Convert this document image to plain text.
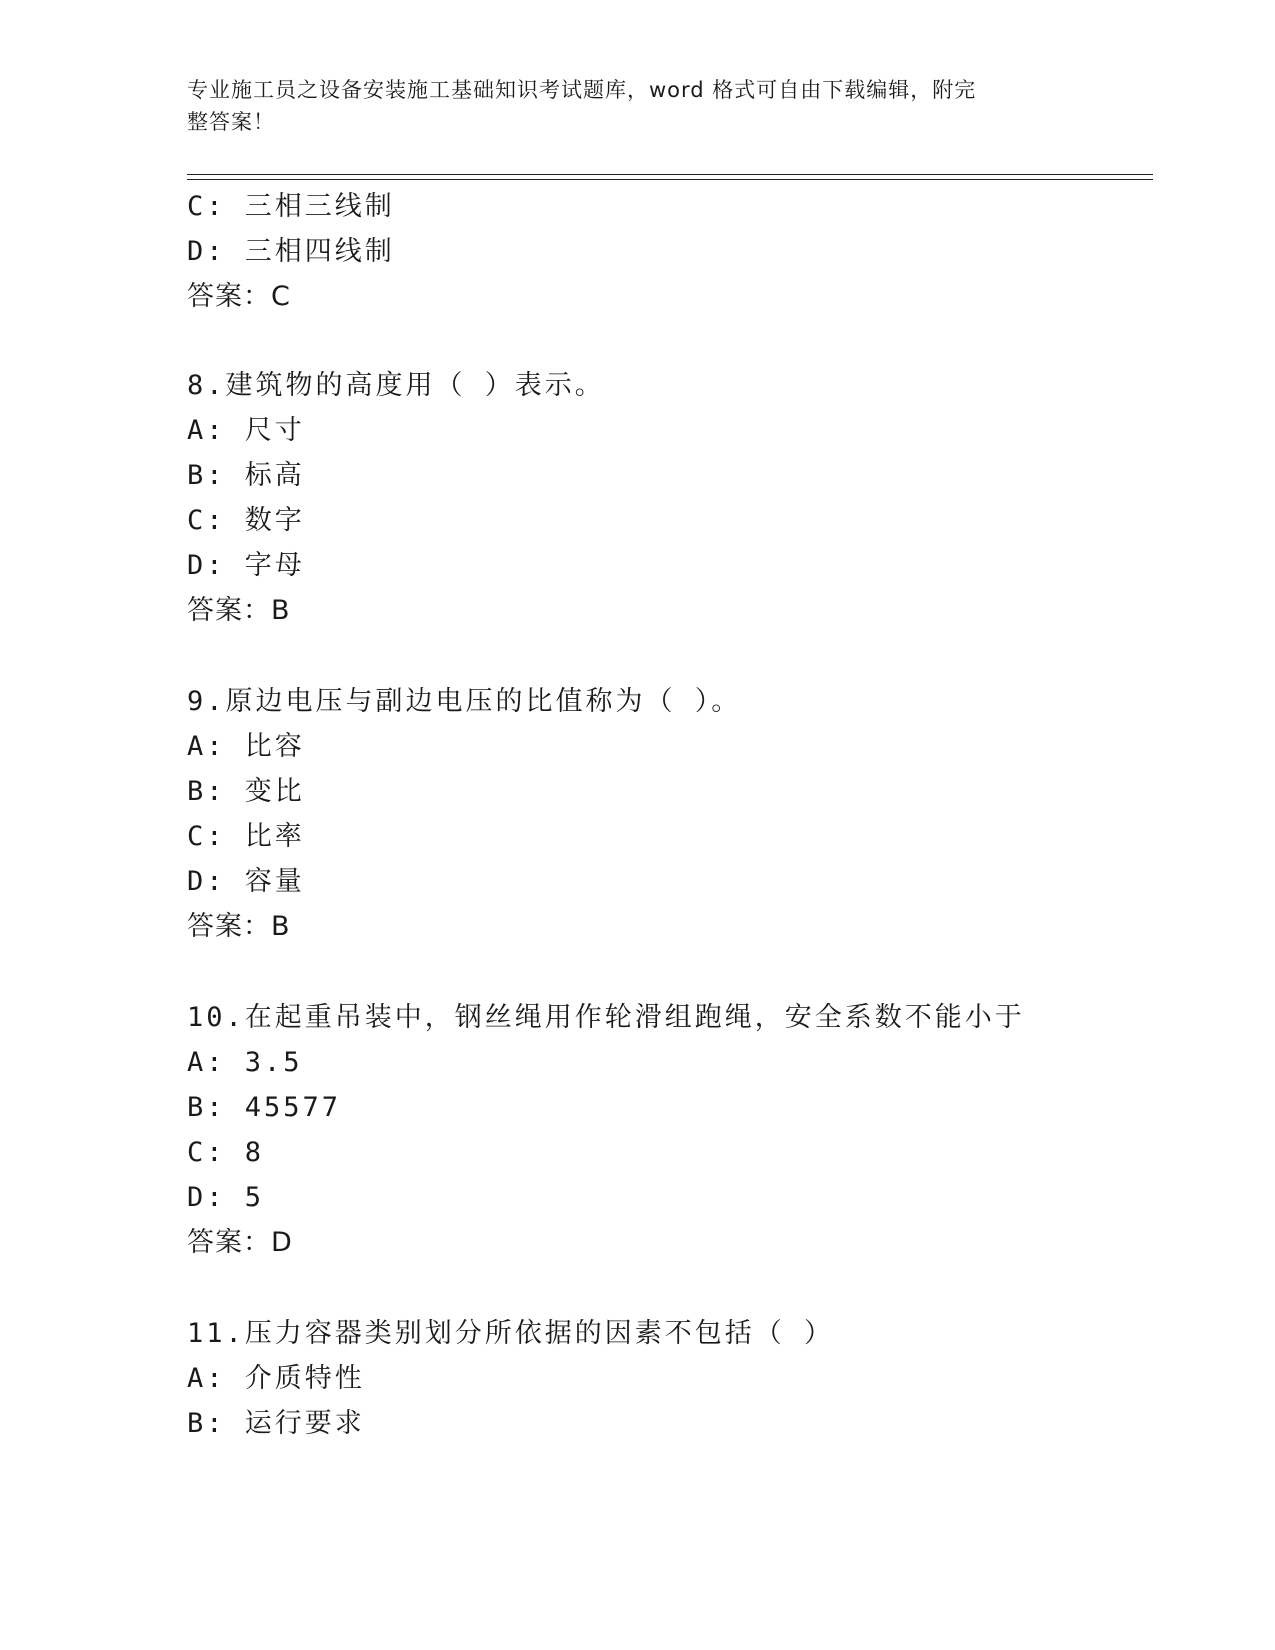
专业施工员之设备安装施工基础知识考试题库，word 格式可自由下载编辑，附完
整答案！
C: 三相三线制
D: 三相四线制
答案：C
8.建筑物的高度用（ ）表示。
A: 尺寸
B: 标高
C: 数字
D: 字母
答案：B
9.原边电压与副边电压的比值称为（ ）。
A: 比容
B: 变比
C: 比率
D: 容量
答案：B
10.在起重吊装中，钢丝绳用作轮滑组跑绳，安全系数不能小于
A: 3.5
B: 45577
C: 8
D: 5
答案：D
11.压力容器类别划分所依据的因素不包括（ ）
A: 介质特性
B: 运行要求
